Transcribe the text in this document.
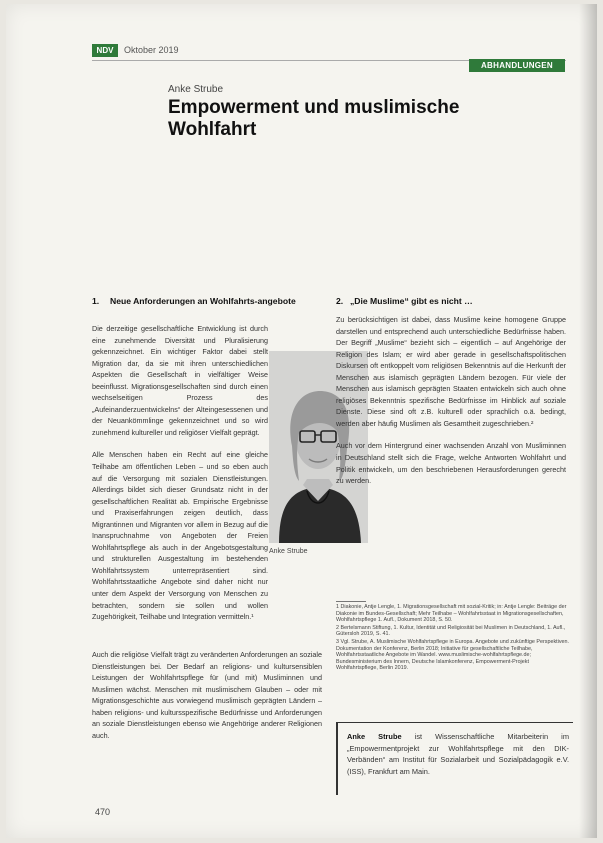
NDV	Oktober 2019
ABHANDLUNGEN
Anke Strube
Empowerment und muslimische Wohlfahrt
1.	Neue Anforderungen an Wohlfahrts-angebote

Die derzeitige gesellschaftliche Entwicklung ist durch eine zunehmende Diversität und Pluralisierung gekennzeichnet. Ein wichtiger Faktor dabei stellt Migration dar, da sie mit ihren unterschiedlichen Aspekten die Gesellschaft in vielfältiger Weise beeinflusst. Migrationsgesellschaften sind durch einen wechselseitigen Prozess des „Aufeinanderzuentwickelns“ der Alteingesessenen und der Neuankömmlinge gekennzeichnet und so wird zunehmend kultureller und religiöser Vielfalt geprägt.

Alle Menschen haben ein Recht auf eine gleiche Teilhabe am öffentlichen Leben – und so eben auch auf die Versorgung mit sozialen Dienstleistungen. Allerdings bildet sich dieser Grundsatz nicht in der gesellschaftlichen Realität ab. Empirische Ergebnisse und Praxiserfahrungen zeigen deutlich, dass Migrantinnen und Migranten vor allem in Bezug auf die Inanspruchnahme von Angeboten der Freien Wohlfahrtspflege als auch in der Angebotsgestaltung und strukturellen Ausgestaltung im bestehenden Wohlfahrtssystem unterrepräsentiert sind. Wohlfahrtsstaatliche Angebote sind daher nicht nur unter dem Aspekt der Versorgung von Menschen zu betrachten, sondern sie sollen und wollen Zugehörigkeit, Teilhabe und Integration vermitteln.¹

Anke Strube

Auch die religiöse Vielfalt trägt zu veränderten Anforderungen an soziale Dienstleistungen bei. Der Bedarf an religions- und kultursensiblen Leistungen der Wohlfahrtspflege für (und mit) Musliminnen und Muslimen wächst. Menschen mit muslimischem Glauben – oder mit Migrationsgeschichte aus vorwiegend muslimisch geprägten Ländern – haben religions- und kultursspezifische Bedürfnisse und Anforderungen an soziale Dienstleistungen ebenso wie Angehörige anderer Religionen auch.

2. „Die Muslime“ gibt es nicht …

Zu berücksichtigen ist dabei, dass Muslime keine homogene Gruppe darstellen und entsprechend auch unterschiedliche Bedürfnisse haben. Der Begriff „Muslime“ bezieht sich – eigentlich – auf Angehörige der Religion des Islam; er wird aber gerade in gesellschaftspolitischen Diskursen oft entkoppelt vom religiösen Bekenntnis auf die Herkunft der Menschen aus islamisch geprägten Ländern bezogen. Für viele der Menschen aus islamisch geprägten Staaten entwickeln sich auch ohne religiöses Bekenntnis spezifische Bedürfnisse im Hinblick auf soziale Dienste. Diese sind oft z.B. kulturell oder sprachlich o.ä. bedingt, werden aber häufig Muslimen als Gesamtheit zugeschrieben.²

Auch vor dem Hintergrund einer wachsenden Anzahl von Musliminnen in Deutschland stellt sich die Frage, welche Antworten Wohlfahrt und Politik entwickeln, um den beschriebenen Herausforderungen gerecht zu werden.

1 Diakonie, Antje Lengle, 1. Migrationsgesellschaft mit sozial-Kritik; in: Antje Lengle: Beiträge der Diakonie im Bundes-Gesellschaft; Mehr Teilhabe – Wohlfahrtsstaat in Migrationsgesellschaften, Wohlfahrtspflege 1. Aufl., Dokument 2018, S. 50.
2 Bertelsmann Stiftung, 1. Kultur, Identität und Religiosität bei Muslimen in Deutschland, 1. Aufl., Gütersloh 2019, S. 41.
3 Vgl. Strube, A. Muslimische Wohlfahrtspflege in Europa. Angebote und zukünftige Perspektiven. Dokumentation der Konferenz, Berlin 2018; Initiative für gesellschaftliche Teilhabe, Wohlfahrtsstaatliche Angebote im Wandel. www.muslimische-wohlfahrtspflege.de; Bundesministerium des Innern, Deutsche Islamkonferenz, Empowerment-Projekt Wohlfahrtspflege, Berlin 2019.
Anke Strube ist Wissenschaftliche Mitarbeiterin im „Empowermentprojekt zur Wohlfahrtspflege mit den DIK-Verbänden“ am Institut für Sozialarbeit und Sozialpädagogik e.V. (ISS), Frankfurt am Main.
470
